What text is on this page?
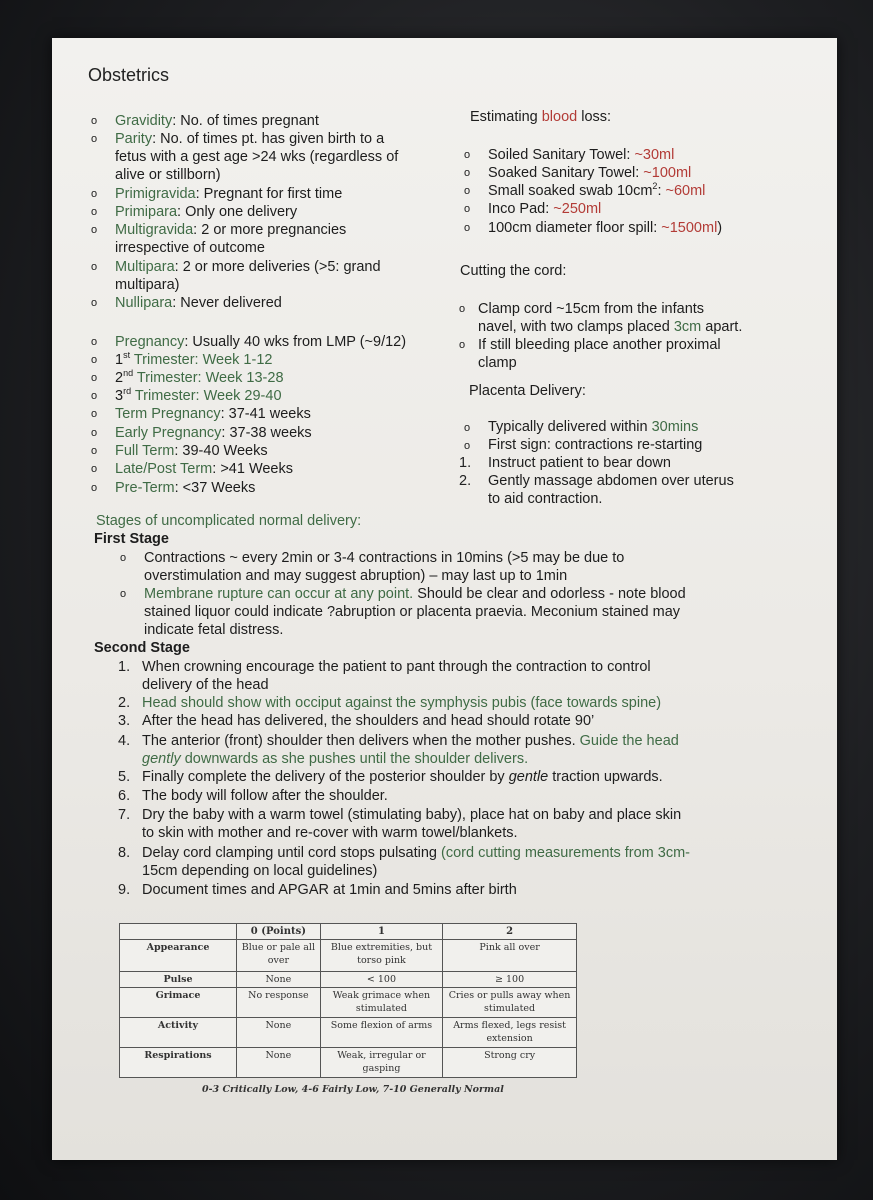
Obstetrics
o Gravidity: No. of times pregnant
o Parity: No. of times pt. has given birth to a
fetus with a gest age >24 wks (regardless of
alive or stillborn)
o Primigravida: Pregnant for first time
o Primipara: Only one delivery
o Multigravida: 2 or more pregnancies
irrespective of outcome
o Multipara: 2 or more deliveries (>5: grand
multipara)
o Nullipara: Never delivered
o Pregnancy: Usually 40 wks from LMP (~9/12)
o 1st Trimester: Week 1-12
o 2nd Trimester: Week 13-28
o 3rd Trimester: Week 29-40
o Term Pregnancy: 37-41 weeks
o Early Pregnancy: 37-38 weeks
o Full Term: 39-40 Weeks
o Late/Post Term: >41 Weeks
o Pre-Term: <37 Weeks
Estimating blood loss:
o Soiled Sanitary Towel: ~30ml
o Soaked Sanitary Towel: ~100ml
o Small soaked swab $10cm^2$: ~60ml
o Inco Pad: ~250ml
o 100cm diameter floor spill: ~1500ml)
Cutting the cord:
o Clamp cord ~15cm from the infants
navel, with two clamps placed 3cm apart.
o If still bleeding place another proximal
clamp
Placenta Delivery:
o Typically delivered within 30mins
o First sign: contractions re-starting
1. Instruct patient to bear down
2. Gently massage abdomen over uterus
to aid contraction.
Stages of uncomplicated normal delivery:
First Stage
o Contractions ~ every 2min or 3-4 contractions in 10mins (>5 may be due to
overstimulation and may suggest abruption) – may last up to 1min
o Membrane rupture can occur at any point. Should be clear and odorless - note blood
stained liquor could indicate ?abruption or placenta praevia. Meconium stained may
indicate fetal distress.
Second Stage
1. When crowning encourage the patient to pant through the contraction to control
delivery of the head
2. Head should show with occiput against the symphysis pubis (face towards spine)
3. After the head has delivered, the shoulders and head should rotate 90’
4. The anterior (front) shoulder then delivers when the mother pushes. Guide the head
gently downwards as she pushes until the shoulder delivers.
5. Finally complete the delivery of the posterior shoulder by gentle traction upwards.
6. The body will follow after the shoulder.
7. Dry the baby with a warm towel (stimulating baby), place hat on baby and place skin
to skin with mother and re-cover with warm towel/blankets.
8. Delay cord clamping until cord stops pulsating (cord cutting measurements from 3cm-
15cm depending on local guidelines)
9. Document times and APGAR at 1min and 5mins after birth
	0 (Points)	1	2
Appearance	Blue or pale all over	Blue extremities, but torso pink	Pink all over
Pulse	None	< 100	≥ 100
Grimace	No response	Weak grimace when stimulated	Cries or pulls away when stimulated
Activity	None	Some flexion of arms	Arms flexed, legs resist extension
Respirations	None	Weak, irregular or gasping	Strong cry
0-3 Critically Low, 4-6 Fairly Low, 7-10 Generally Normal
